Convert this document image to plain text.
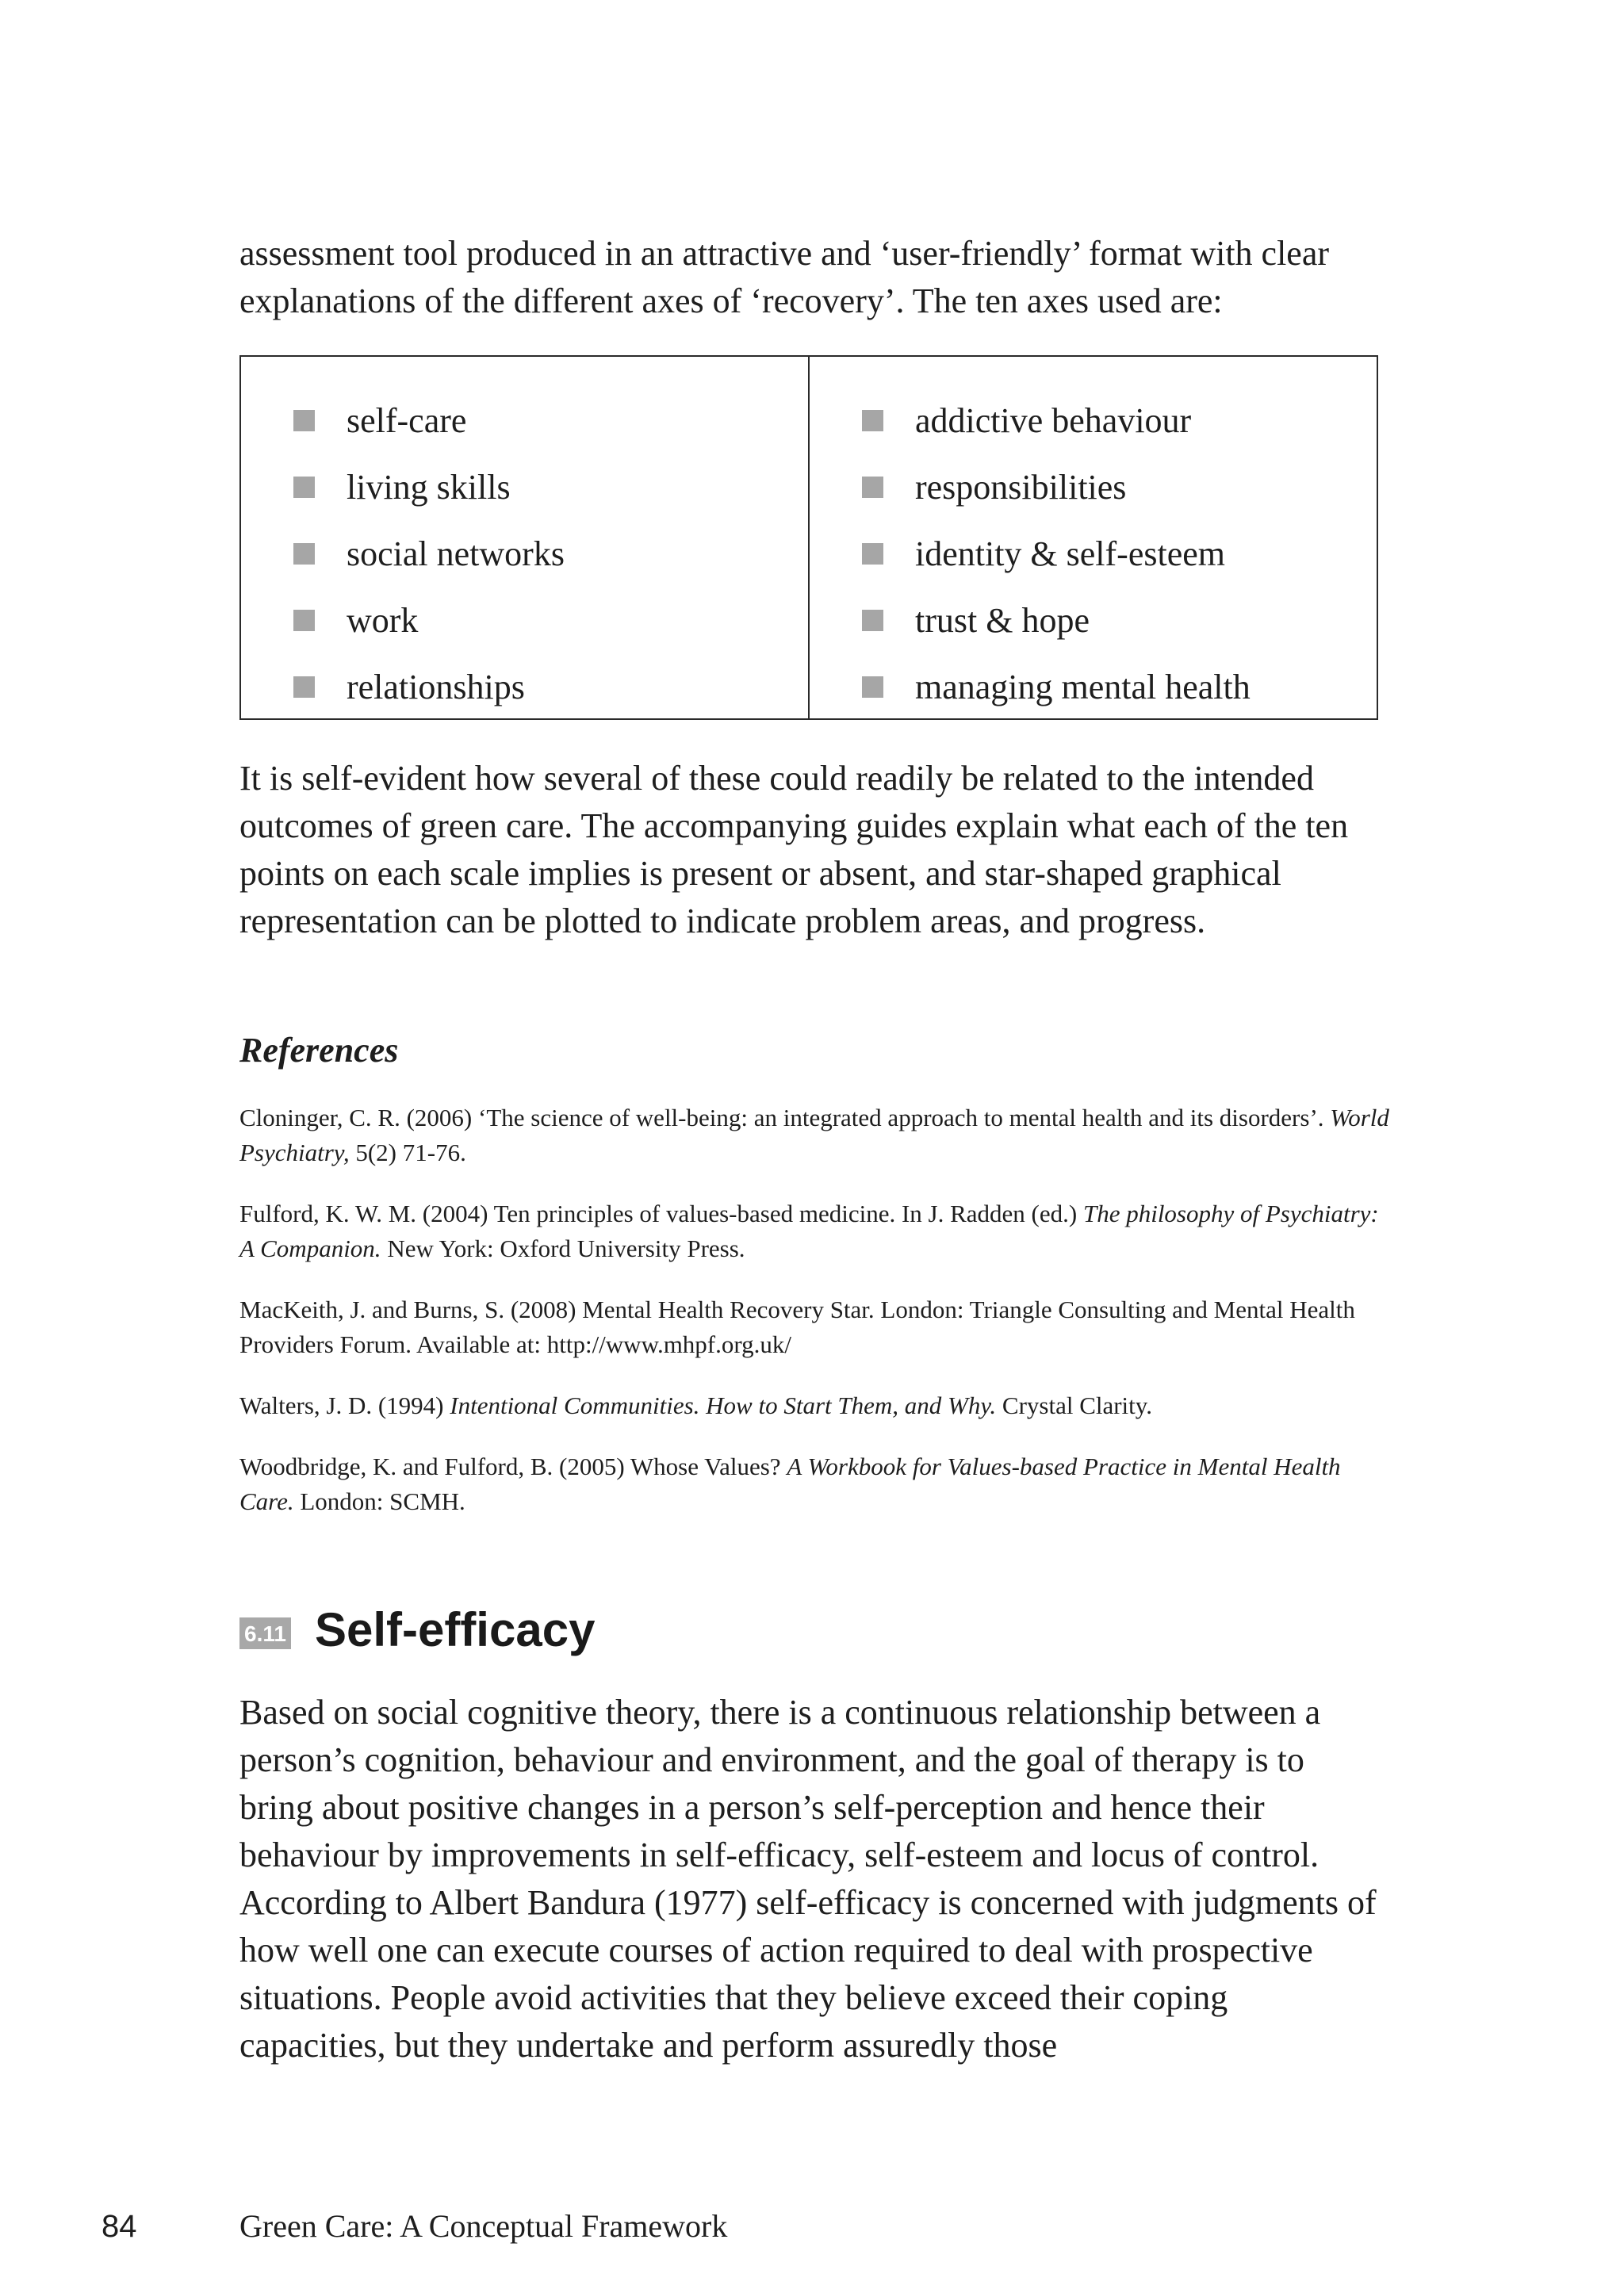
assessment tool produced in an attractive and ‘user-friendly’ format with clear explanations of the different axes of ‘recovery’. The ten axes used are:

self-care
living skills
social networks
work
relationships
addictive behaviour
responsibilities
identity & self-esteem
trust & hope
managing mental health

It is self-evident how several of these could readily be related to the intended outcomes of green care. The accompanying guides explain what each of the ten points on each scale implies is present or absent, and star-shaped graphical representation can be plotted to indicate problem areas, and progress.

References

Cloninger, C. R. (2006) ‘The science of well-being: an integrated approach to mental health and its disorders’. World Psychiatry, 5(2) 71-76.

Fulford, K. W. M. (2004) Ten principles of values-based medicine. In J. Radden (ed.) The philosophy of Psychiatry: A Companion. New York: Oxford University Press.

MacKeith, J. and Burns, S. (2008) Mental Health Recovery Star. London: Triangle Consulting and Mental Health Providers Forum. Available at: http://www.mhpf.org.uk/

Walters, J. D. (1994) Intentional Communities. How to Start Them, and Why. Crystal Clarity.

Woodbridge, K. and Fulford, B. (2005) Whose Values? A Workbook for Values-based Practice in Mental Health Care. London: SCMH.

6.11 Self-efficacy

Based on social cognitive theory, there is a continuous relationship between a person’s cognition, behaviour and environment, and the goal of therapy is to bring about positive changes in a person’s self-perception and hence their behaviour by improvements in self-efficacy, self-esteem and locus of control. According to Albert Bandura (1977) self-efficacy is concerned with judgments of how well one can execute courses of action required to deal with prospective situations. People avoid activities that they believe exceed their coping capacities, but they undertake and perform assuredly those

84	Green Care: A Conceptual Framework
